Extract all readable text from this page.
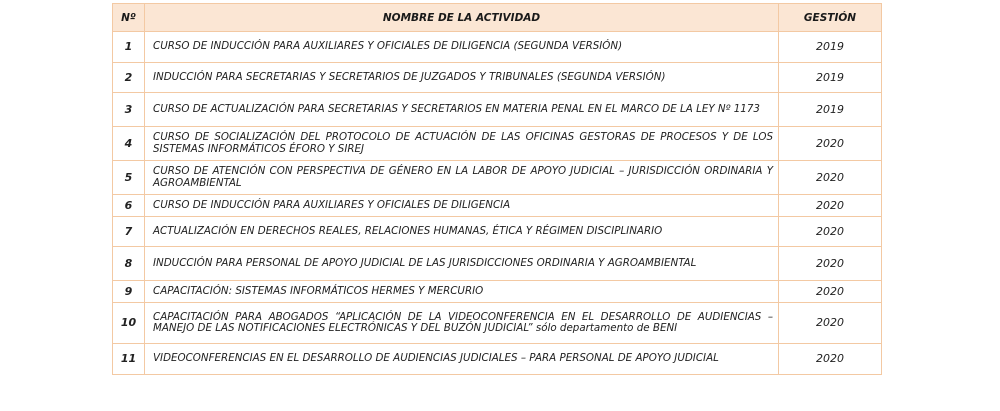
Nº	NOMBRE DE LA ACTIVIDAD	GESTIÓN
1	CURSO DE INDUCCIÓN PARA AUXILIARES Y OFICIALES DE DILIGENCIA (SEGUNDA VERSIÓN)	2019
2	INDUCCIÓN PARA SECRETARIAS Y SECRETARIOS DE JUZGADOS Y TRIBUNALES (SEGUNDA VERSIÓN)	2019
3	CURSO DE ACTUALIZACIÓN PARA SECRETARIAS Y SECRETARIOS EN MATERIA PENAL EN EL MARCO DE LA LEY Nº 1173	2019
4	CURSO DE SOCIALIZACIÓN DEL PROTOCOLO DE ACTUACIÓN DE LAS OFICINAS GESTORAS DE PROCESOS Y DE LOS SISTEMAS INFORMÁTICOS ÉFORO Y SIREJ	2020
5	CURSO DE ATENCIÓN CON PERSPECTIVA DE GÉNERO EN LA LABOR DE APOYO JUDICIAL – JURISDICCIÓN ORDINARIA Y AGROAMBIENTAL	2020
6	CURSO DE INDUCCIÓN PARA AUXILIARES Y OFICIALES DE DILIGENCIA	2020
7	ACTUALIZACIÓN EN DERECHOS REALES, RELACIONES HUMANAS, ÉTICA Y RÉGIMEN DISCIPLINARIO	2020
8	INDUCCIÓN PARA PERSONAL DE APOYO JUDICIAL DE LAS JURISDICCIONES ORDINARIA Y AGROAMBIENTAL	2020
9	CAPACITACIÓN: SISTEMAS INFORMÁTICOS HERMES Y MERCURIO	2020
10	CAPACITACIÓN PARA ABOGADOS “APLICACIÓN DE LA VIDEOCONFERENCIA EN EL DESARROLLO DE AUDIENCIAS – MANEJO DE LAS NOTIFICACIONES ELECTRÓNICAS Y DEL BUZÓN JUDICIAL” sólo departamento de BENI	2020
11	VIDEOCONFERENCIAS EN EL DESARROLLO DE AUDIENCIAS JUDICIALES – PARA PERSONAL DE APOYO JUDICIAL	2020
